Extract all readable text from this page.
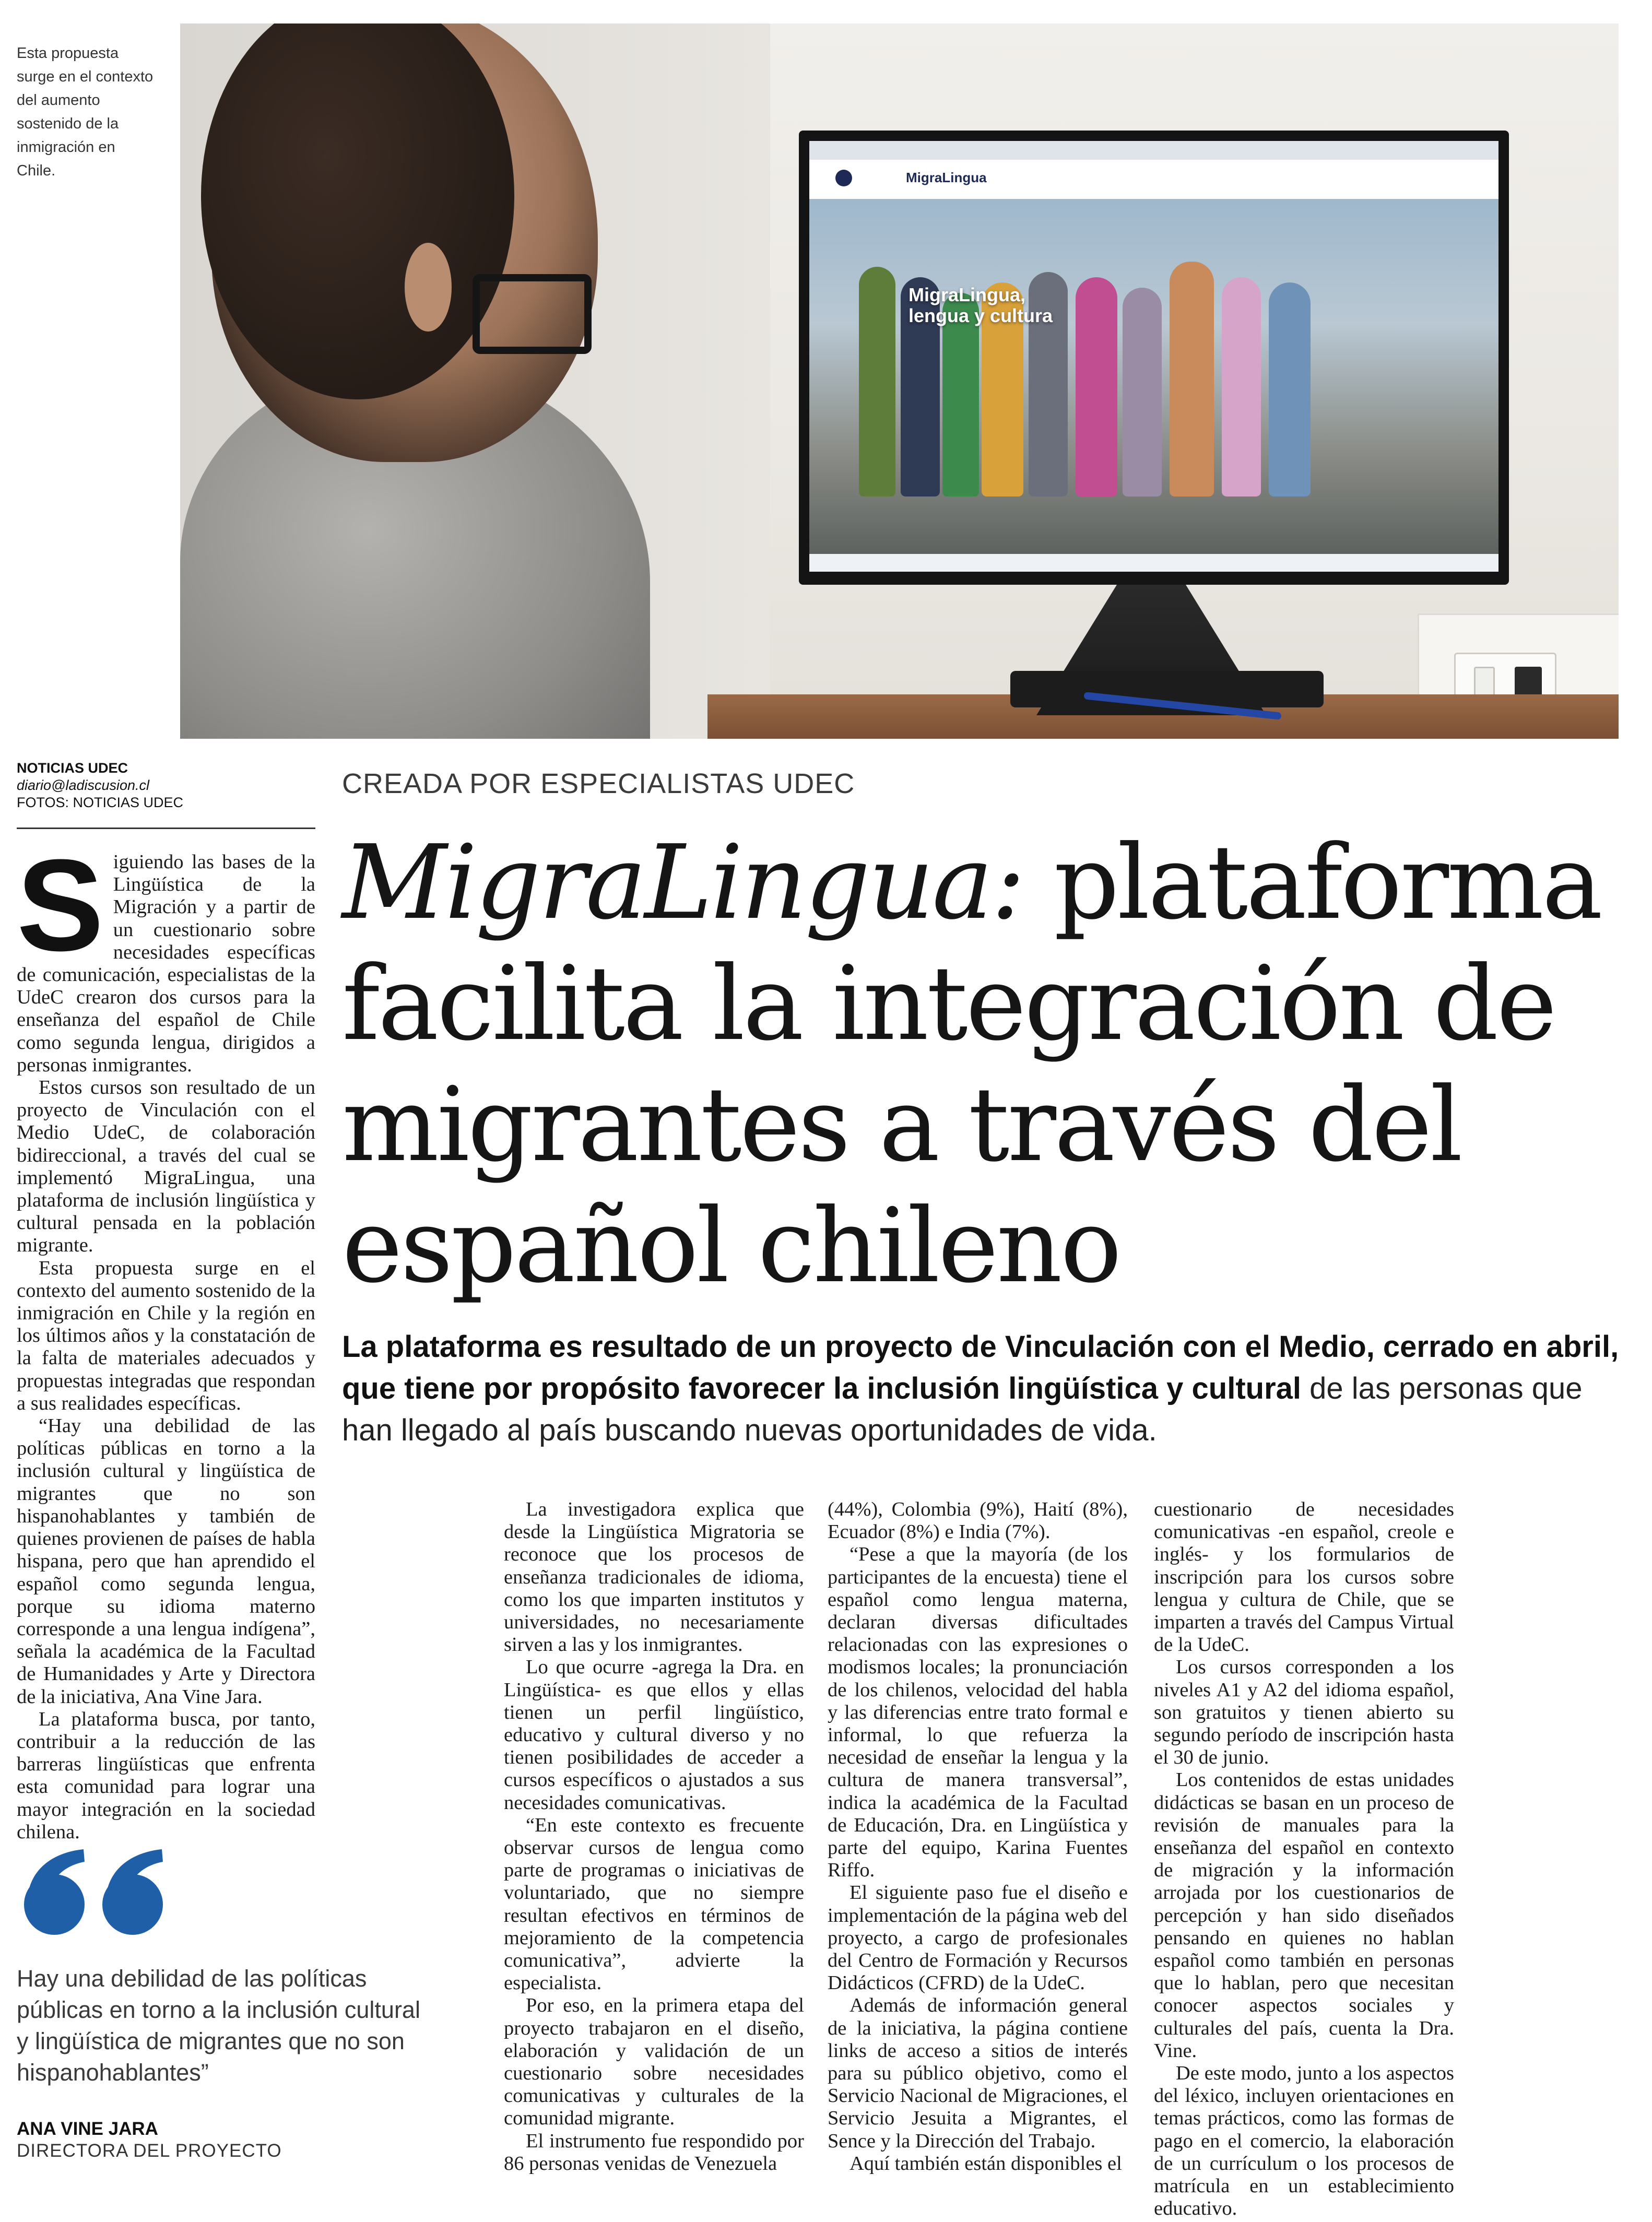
MigraLingua
MigraLingua, lengua y cultura
Esta propuesta surge en el contexto del aumento sostenido de la inmigración en Chile.
NOTICIAS UDEC
diario@ladiscusion.cl
FOTOS: NOTICIAS UDEC
CREADA POR ESPECIALISTAS UDEC
MigraLingua: plataforma facilita la integración de migrantes a través del español chileno
La plataforma es resultado de un proyecto de Vinculación con el Medio, cerrado en abril, que tiene por propósito favorecer la inclusión lingüística y cultural de las personas que han llegado al país buscando nuevas oportunidades de vida.

Siguiendo las bases de la Lingüística de la Migración y a partir de un cuestionario sobre necesidades específicas de comunicación, especialistas de la UdeC crearon dos cursos para la enseñanza del español de Chile como segunda lengua, dirigidos a personas inmigrantes.

Estos cursos son resultado de un proyecto de Vinculación con el Medio UdeC, de colaboración bidireccional, a través del cual se implementó MigraLingua, una plataforma de inclusión lingüística y cultural pensada en la población migrante.

Esta propuesta surge en el contexto del aumento sostenido de la inmigración en Chile y la región en los últimos años y la constatación de la falta de materiales adecuados y propuestas integradas que respondan a sus realidades específicas.

“Hay una debilidad de las políticas públicas en torno a la inclusión cultural y lingüística de migrantes que no son hispanohablantes y también de quienes provienen de países de habla hispana, pero que han aprendido el español como segunda lengua, porque su idioma materno corresponde a una lengua indígena”, señala la académica de la Facultad de Humanidades y Arte y Directora de la iniciativa, Ana Vine Jara.

La plataforma busca, por tanto, contribuir a la reducción de las barreras lingüísticas que enfrenta esta comunidad para lograr una mayor integración en la sociedad chilena.

Hay una debilidad de las políticas públicas en torno a la inclusión cultural y lingüística de migrantes que no son hispanohablantes”
ANA VINE JARA
DIRECTORA DEL PROYECTO

La investigadora explica que desde la Lingüística Migratoria se reconoce que los procesos de enseñanza tradicionales de idioma, como los que imparten institutos y universidades, no necesariamente sirven a las y los inmigrantes.

Lo que ocurre -agrega la Dra. en Lingüística- es que ellos y ellas tienen un perfil lingüístico, educativo y cultural diverso y no tienen posibilidades de acceder a cursos específicos o ajustados a sus necesidades comunicativas.

“En este contexto es frecuente observar cursos de lengua como parte de programas o iniciativas de voluntariado, que no siempre resultan efectivos en términos de mejoramiento de la competencia comunicativa”, advierte la especialista.

Por eso, en la primera etapa del proyecto trabajaron en el diseño, elaboración y validación de un cuestionario sobre necesidades comunicativas y culturales de la comunidad migrante.

El instrumento fue respondido por 86 personas venidas de Venezuela

(44%), Colombia (9%), Haití (8%), Ecuador (8%) e India (7%).

“Pese a que la mayoría (de los participantes de la encuesta) tiene el español como lengua materna, declaran diversas dificultades relacionadas con las expresiones o modismos locales; la pronunciación de los chilenos, velocidad del habla y las diferencias entre trato formal e informal, lo que refuerza la necesidad de enseñar la lengua y la cultura de manera transversal”, indica la académica de la Facultad de Educación, Dra. en Lingüística y parte del equipo, Karina Fuentes Riffo.

El siguiente paso fue el diseño e implementación de la página web del proyecto, a cargo de profesionales del Centro de Formación y Recursos Didácticos (CFRD) de la UdeC.

Además de información general de la iniciativa, la página contiene links de acceso a sitios de interés para su público objetivo, como el Servicio Nacional de Migraciones, el Servicio Jesuita a Migrantes, el Sence y la Dirección del Trabajo.

Aquí también están disponibles el

cuestionario de necesidades comunicativas -en español, creole e inglés- y los formularios de inscripción para los cursos sobre lengua y cultura de Chile, que se imparten a través del Campus Virtual de la UdeC.

Los cursos corresponden a los niveles A1 y A2 del idioma español, son gratuitos y tienen abierto su segundo período de inscripción hasta el 30 de junio.

Los contenidos de estas unidades didácticas se basan en un proceso de revisión de manuales para la enseñanza del español en contexto de migración y la información arrojada por los cuestionarios de percepción y han sido diseñados pensando en quienes no hablan español como también en personas que lo hablan, pero que necesitan conocer aspectos sociales y culturales del país, cuenta la Dra. Vine.

De este modo, junto a los aspectos del léxico, incluyen orientaciones en temas prácticos, como las formas de pago en el comercio, la elaboración de un currículum o los procesos de matrícula en un establecimiento educativo.
